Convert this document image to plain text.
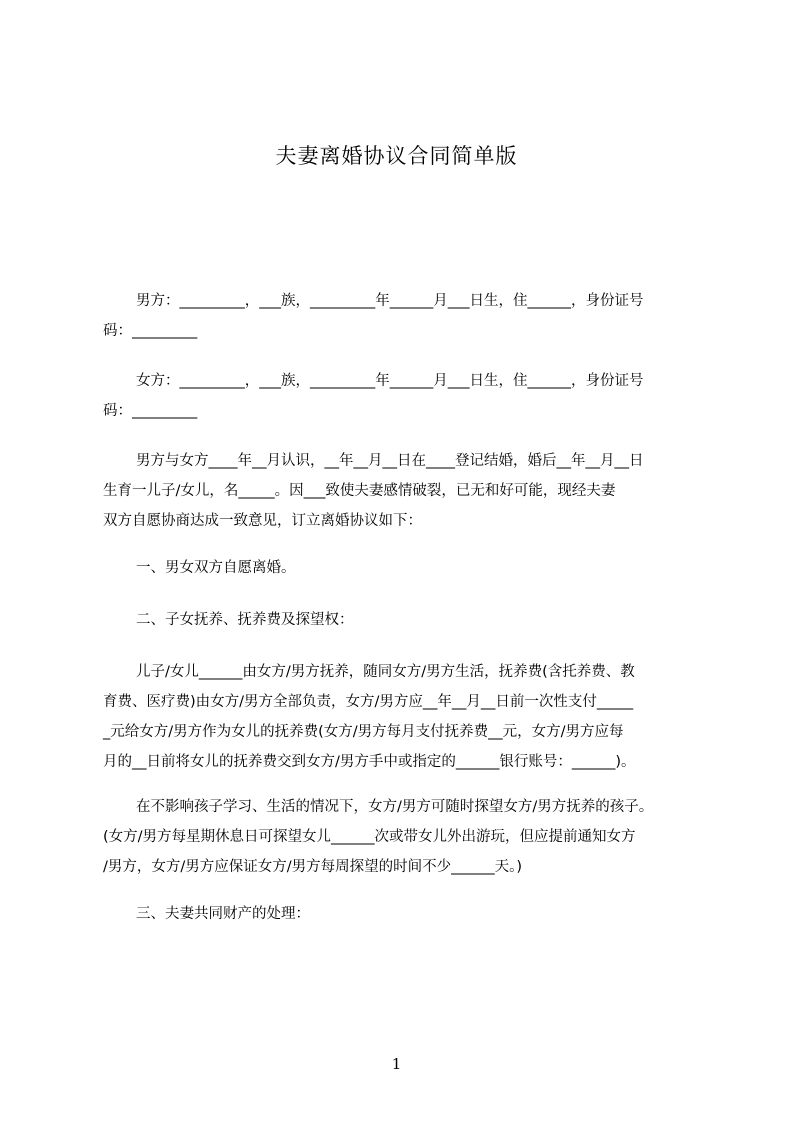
夫妻离婚协议合同简单版
男方：_________，___族，_________年______月___日生，住______，身份证号
码：_________
女方：_________，___族，_________年______月___日生，住______，身份证号
码：_________
男方与女方____年__月认识，__年__月__日在____登记结婚，婚后__年__月__日
生育一儿子/女儿，名_____。因___致使夫妻感情破裂，已无和好可能，现经夫妻
双方自愿协商达成一致意见，订立离婚协议如下：
一、男女双方自愿离婚。
二、子女抚养、抚养费及探望权：
儿子/女儿______由女方/男方抚养，随同女方/男方生活，抚养费(含托养费、教
育费、医疗费)由女方/男方全部负责，女方/男方应__年__月__日前一次性支付_____
_元给女方/男方作为女儿的抚养费(女方/男方每月支付抚养费__元，女方/男方应每
月的__日前将女儿的抚养费交到女方/男方手中或指定的______银行账号：______)。
在不影响孩子学习、生活的情况下，女方/男方可随时探望女方/男方抚养的孩子。
(女方/男方每星期休息日可探望女儿______次或带女儿外出游玩，但应提前通知女方
/男方，女方/男方应保证女方/男方每周探望的时间不少______天。)
三、夫妻共同财产的处理：
1
